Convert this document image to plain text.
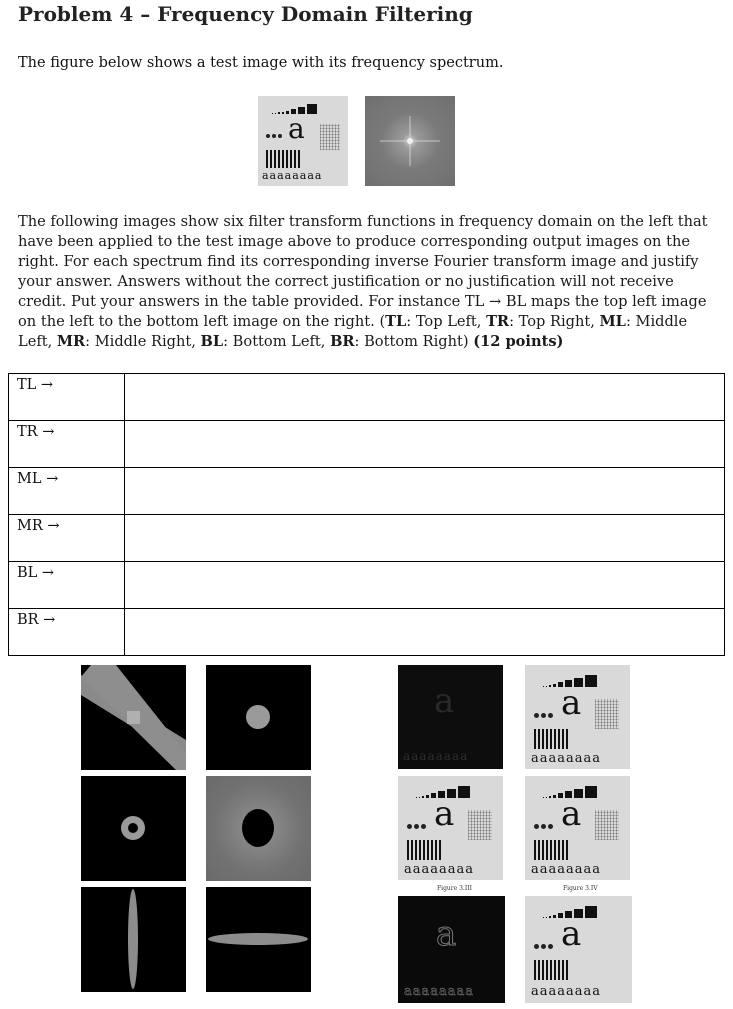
Problem 4 – Frequency Domain Filtering

The figure below shows a test image with its frequency spectrum.

a
aaaaaaaa

The following images show six filter transform functions in frequency domain on the left that have been applied to the test image above to produce corresponding output images on the right. For each spectrum find its corresponding inverse Fourier transform image and justify your answer. Answers without the correct justification or no justification will not receive credit. Put your answers in the table provided. For instance TL → BL maps the top left image on the left to the bottom left image on the right. (TL: Top Left, TR: Top Right, ML: Middle Left, MR: Middle Right, BL: Bottom Left, BR: Bottom Right) (12 points)

TL →	
TR →	
ML →	
MR →	
BL →	
BR →	
a
aaaaaaaa
a
aaaaaaaa
a
aaaaaaaa
Figure 3.III
a
aaaaaaaa
Figure 3.IV
a
aaaaaaaa
a
aaaaaaaa
